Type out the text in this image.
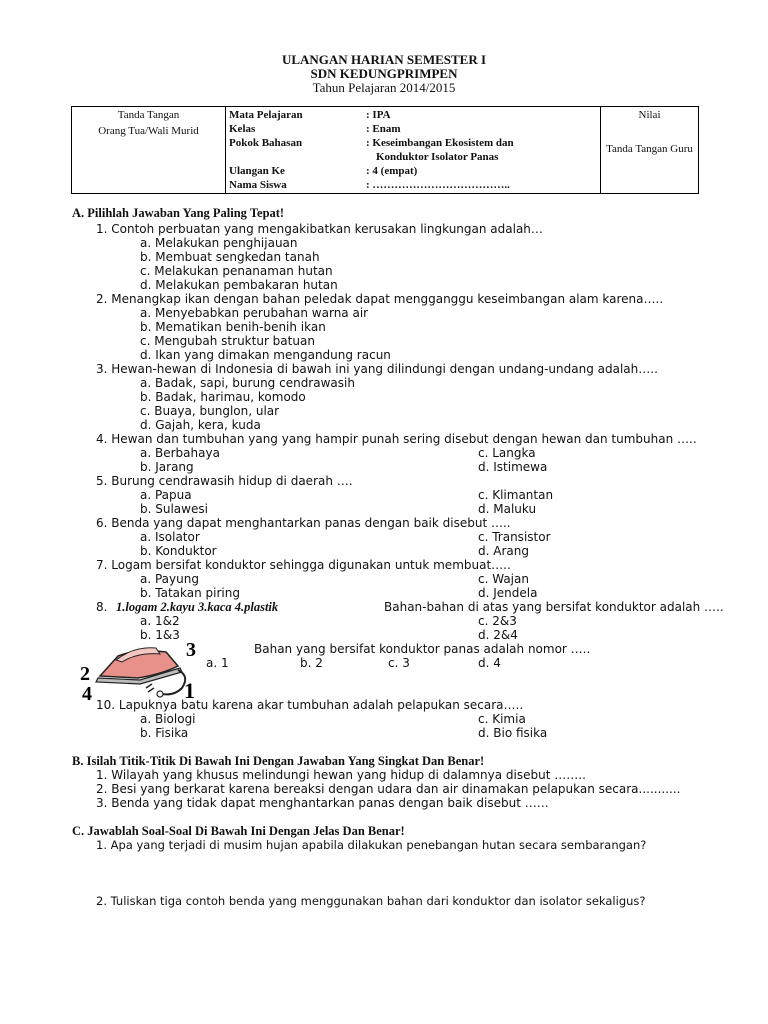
ULANGAN HARIAN SEMESTER I
SDN KEDUNGPRIMPEN
Tahun Pelajaran 2014/2015
Tanda Tangan
Orang Tua/Wali Murid
Nilai
Tanda Tangan Guru
Mata Pelajaran	: IPA
Kelas	: Enam
Pokok Bahasan	: Keseimbangan Ekosistem dan
Konduktor Isolator Panas
Ulangan Ke	: 4 (empat)
Nama Siswa	: ………………………………..
A. Pilihlah Jawaban Yang Paling Tepat!
1. Contoh perbuatan yang mengakibatkan kerusakan lingkungan adalah…
a. Melakukan penghijauan
b. Membuat sengkedan tanah
c. Melakukan penanaman hutan
d. Melakukan pembakaran hutan
2. Menangkap ikan dengan bahan peledak dapat mengganggu keseimbangan alam karena…..
a. Menyebabkan perubahan warna air
b. Mematikan benih-benih ikan
c. Mengubah struktur batuan
d. Ikan yang dimakan mengandung racun
3. Hewan-hewan di Indonesia di bawah ini yang dilindungi dengan undang-undang adalah…..
a. Badak, sapi, burung cendrawasih
b. Badak, harimau, komodo
c. Buaya, bunglon, ular
d. Gajah, kera, kuda
4. Hewan dan tumbuhan yang yang hampir punah sering disebut dengan hewan dan tumbuhan …..
a. Berbahaya
b. Jarang
c. Langka
d. Istimewa
5. Burung cendrawasih hidup di daerah ….
a. Papua
b. Sulawesi
c. Klimantan
d. Maluku
6. Benda yang dapat menghantarkan panas dengan baik disebut …..
a. Isolator
b. Konduktor
c. Transistor
d. Arang
7. Logam bersifat konduktor sehingga digunakan untuk membuat…..
a. Payung
b. Tatakan piring
c. Wajan
d. Jendela
8. 1.logam 2.kayu 3.kaca 4.plastik	Bahan-bahan di atas yang bersifat konduktor adalah …..
a. 1&2
b. 1&3
c. 2&3
d. 2&4
3
2
4	1
Bahan yang bersifat konduktor panas adalah nomor …..
a. 1	b. 2	c. 3	d. 4
10. Lapuknya batu karena akar tumbuhan adalah pelapukan secara…..
a. Biologi
b. Fisika
c. Kimia
d. Bio fisika
B. Isilah Titik-Titik Di Bawah Ini Dengan Jawaban Yang Singkat Dan Benar!
1. Wilayah yang khusus melindungi hewan yang hidup di dalamnya disebut ……..
2. Besi yang berkarat karena bereaksi dengan udara dan air dinamakan pelapukan secara...........
3. Benda yang tidak dapat menghantarkan panas dengan baik disebut ……
C. Jawablah Soal-Soal Di Bawah Ini Dengan Jelas Dan Benar!
1. Apa yang terjadi di musim hujan apabila dilakukan penebangan hutan secara sembarangan?
2. Tuliskan tiga contoh benda yang menggunakan bahan dari konduktor dan isolator sekaligus?
